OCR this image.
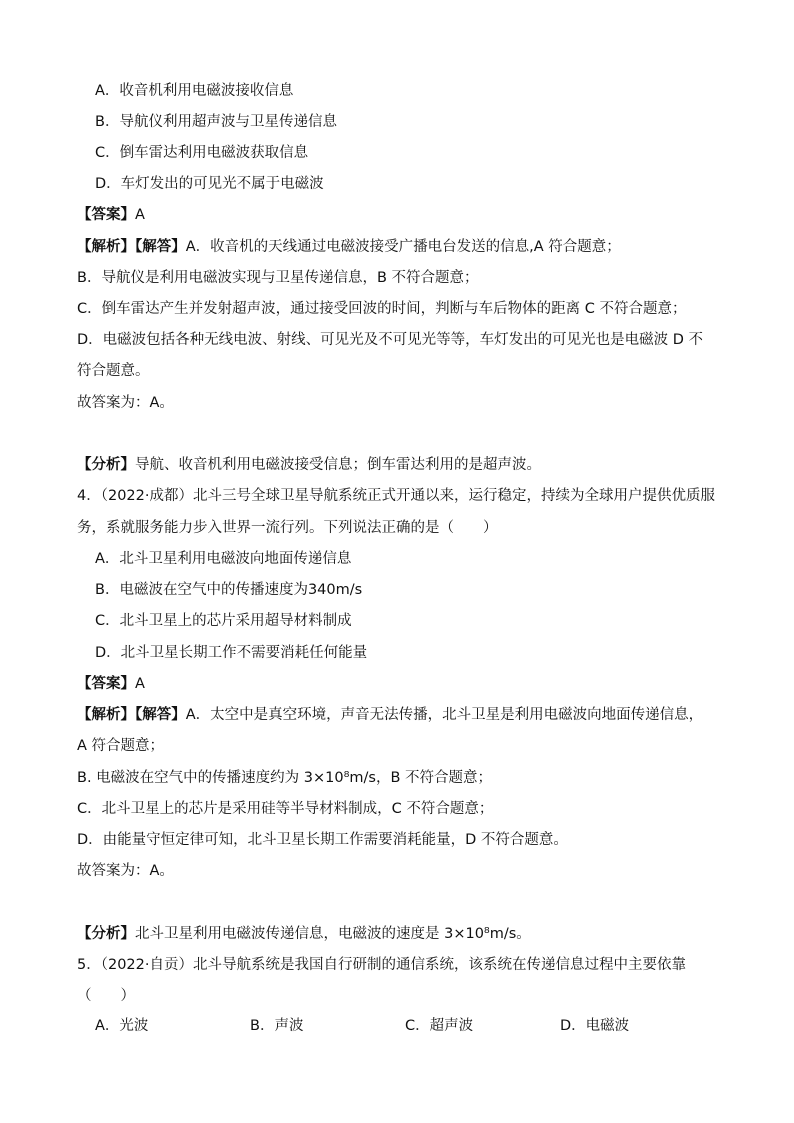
A．收音机利用电磁波接收信息
B．导航仪利用超声波与卫星传递信息
C．倒车雷达利用电磁波获取信息
D．车灯发出的可见光不属于电磁波
【答案】A
【解析】【解答】A．收音机的天线通过电磁波接受广播电台发送的信息,A 符合题意；
B．导航仪是利用电磁波实现与卫星传递信息，B 不符合题意；
C．倒车雷达产生并发射超声波，通过接受回波的时间，判断与车后物体的距离 C 不符合题意；
D．电磁波包括各种无线电波、射线、可见光及不可见光等等，车灯发出的可见光也是电磁波 D 不
符合题意。
故答案为：A。
【分析】导航、收音机利用电磁波接受信息；倒车雷达利用的是超声波。
4．（2022·成都）北斗三号全球卫星导航系统正式开通以来，运行稳定，持续为全球用户提供优质服
务，系就服务能力步入世界一流行列。下列说法正确的是（　　）
A．北斗卫星利用电磁波向地面传递信息
B．电磁波在空气中的传播速度为340m/s
C．北斗卫星上的芯片采用超导材料制成
D．北斗卫星长期工作不需要消耗任何能量
【答案】A
【解析】【解答】A．太空中是真空环境，声音无法传播，北斗卫星是利用电磁波向地面传递信息，
A 符合题意；
B. 电磁波在空气中的传播速度约为 3×10⁸m/s，B 不符合题意；
C．北斗卫星上的芯片是采用硅等半导材料制成，C 不符合题意；
D．由能量守恒定律可知，北斗卫星长期工作需要消耗能量，D 不符合题意。
故答案为：A。
【分析】北斗卫星利用电磁波传递信息，电磁波的速度是 3×10⁸m/s。
5．（2022·自贡）北斗导航系统是我国自行研制的通信系统，该系统在传递信息过程中主要依靠
（　　）
A．光波	B．声波	C．超声波	D．电磁波
